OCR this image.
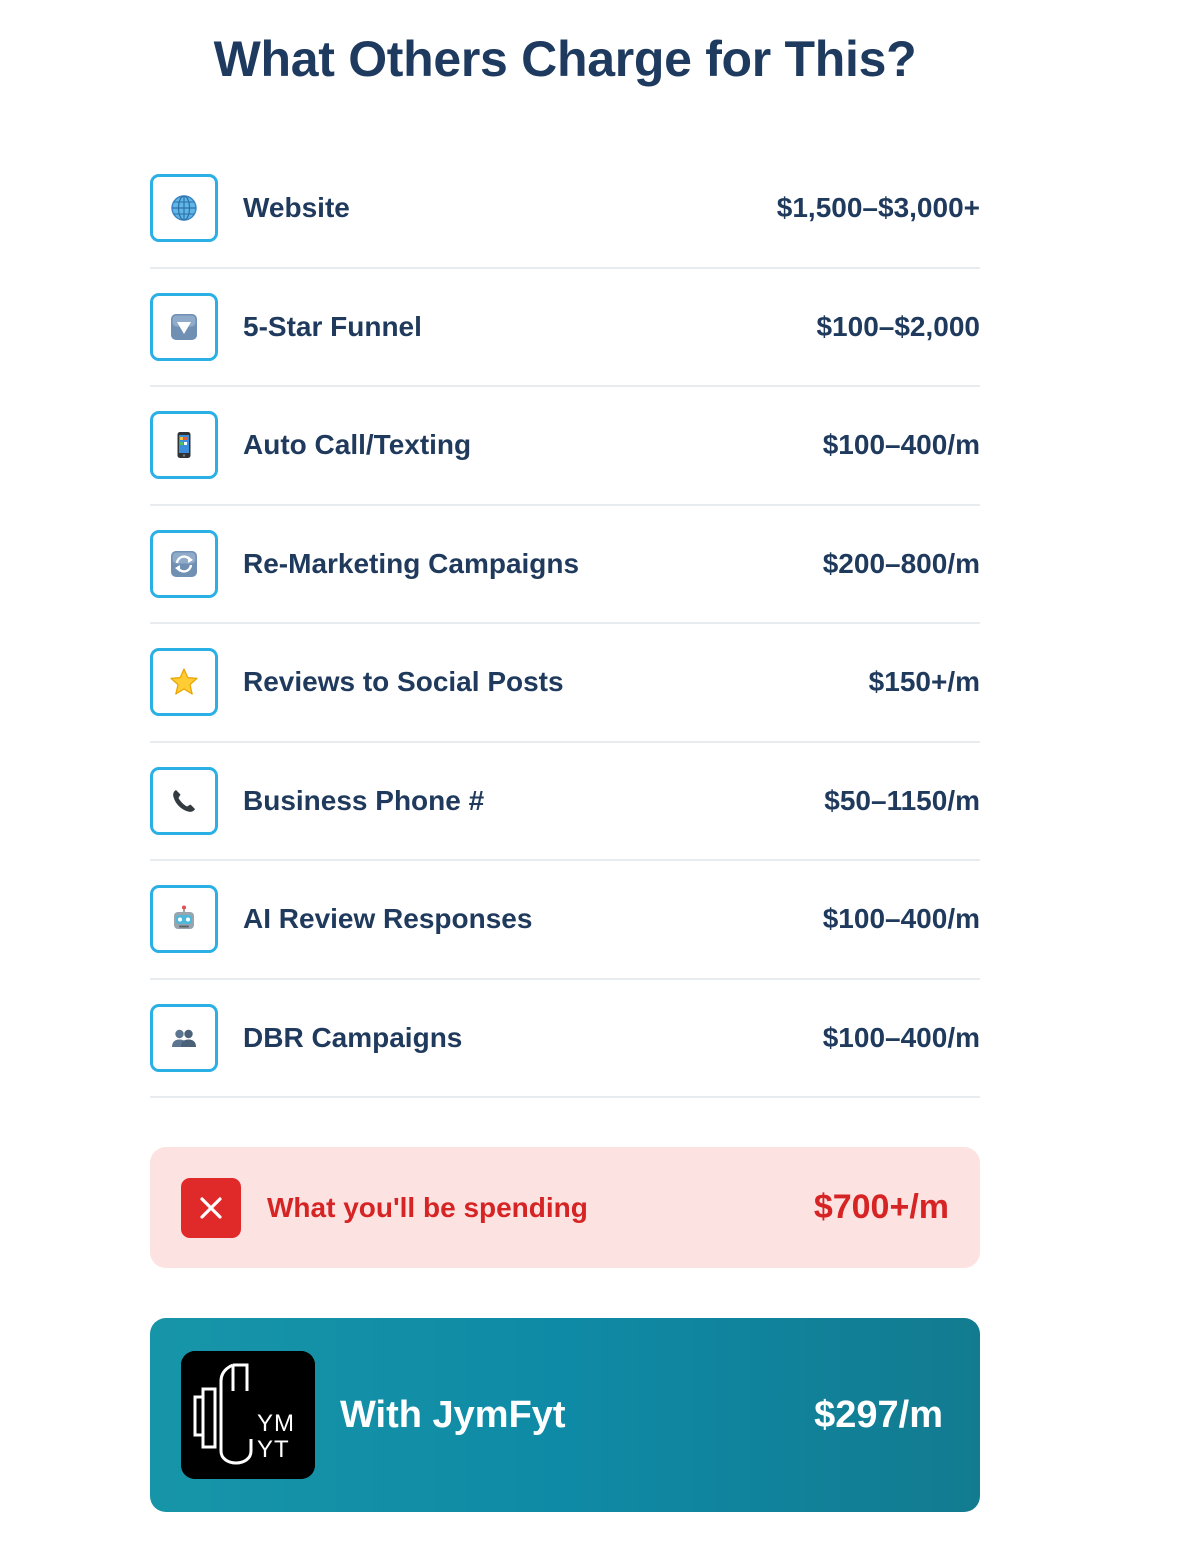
What Others Charge for This?
Website	$1,500–$3,000+
5-Star Funnel	$100–$2,000
Auto Call/Texting	$100–400/m
Re-Marketing Campaigns	$200–800/m
Reviews to Social Posts	$150+/m
Business Phone #	$50–1150/m
AI Review Responses	$100–400/m
DBR Campaigns	$100–400/m
What you'll be spending	$700+/m
YM
YT
With JymFyt	$297/m
